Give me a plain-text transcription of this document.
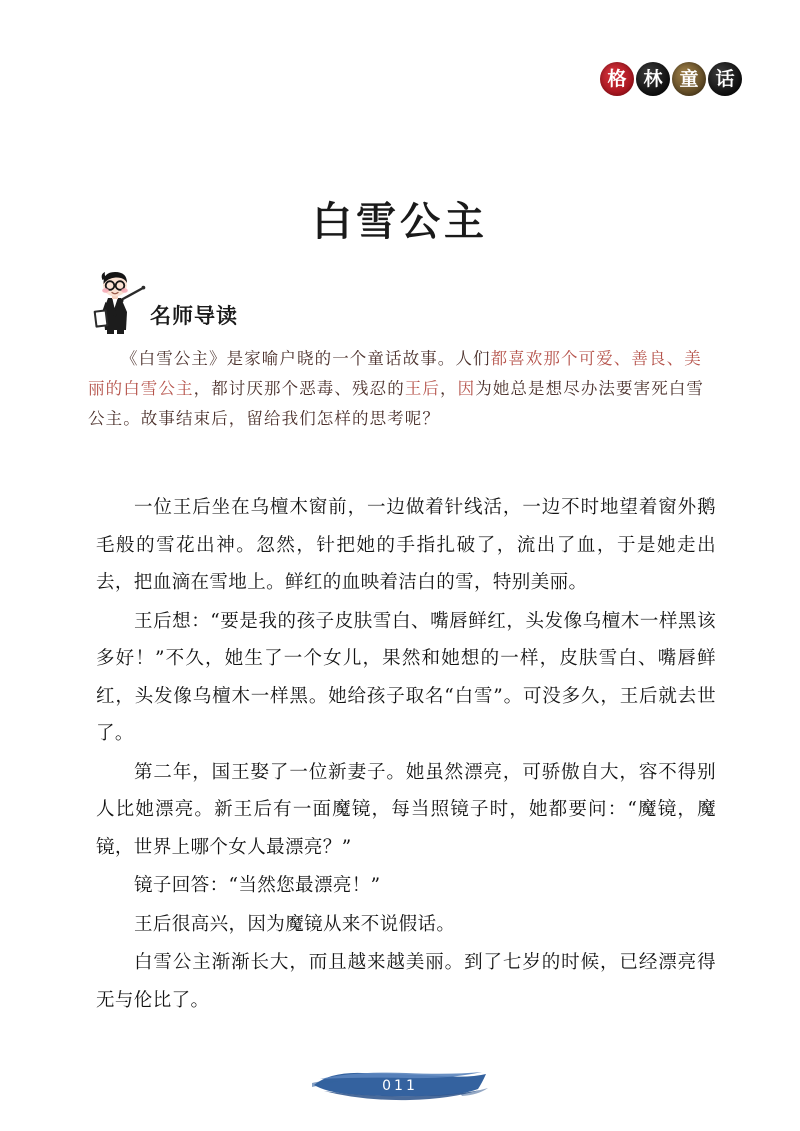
格 林 童 话
白雪公主
名师导读
《白雪公主》是家喻户晓的一个童话故事。人们都喜欢那个可爱、善良、美丽的白雪公主，都讨厌那个恶毒、残忍的王后，因为她总是想尽办法要害死白雪公主。故事结束后，留给我们怎样的思考呢？

一位王后坐在乌檀木窗前，一边做着针线活，一边不时地望着窗外鹅毛般的雪花出神。忽然，针把她的手指扎破了，流出了血，于是她走出去，把血滴在雪地上。鲜红的血映着洁白的雪，特别美丽。

王后想：“要是我的孩子皮肤雪白、嘴唇鲜红，头发像乌檀木一样黑该多好！”不久，她生了一个女儿，果然和她想的一样，皮肤雪白、嘴唇鲜红，头发像乌檀木一样黑。她给孩子取名“白雪”。可没多久，王后就去世了。

第二年，国王娶了一位新妻子。她虽然漂亮，可骄傲自大，容不得别人比她漂亮。新王后有一面魔镜，每当照镜子时，她都要问：“魔镜，魔镜，世界上哪个女人最漂亮？”

镜子回答：“当然您最漂亮！”

王后很高兴，因为魔镜从来不说假话。

白雪公主渐渐长大，而且越来越美丽。到了七岁的时候，已经漂亮得无与伦比了。

011
